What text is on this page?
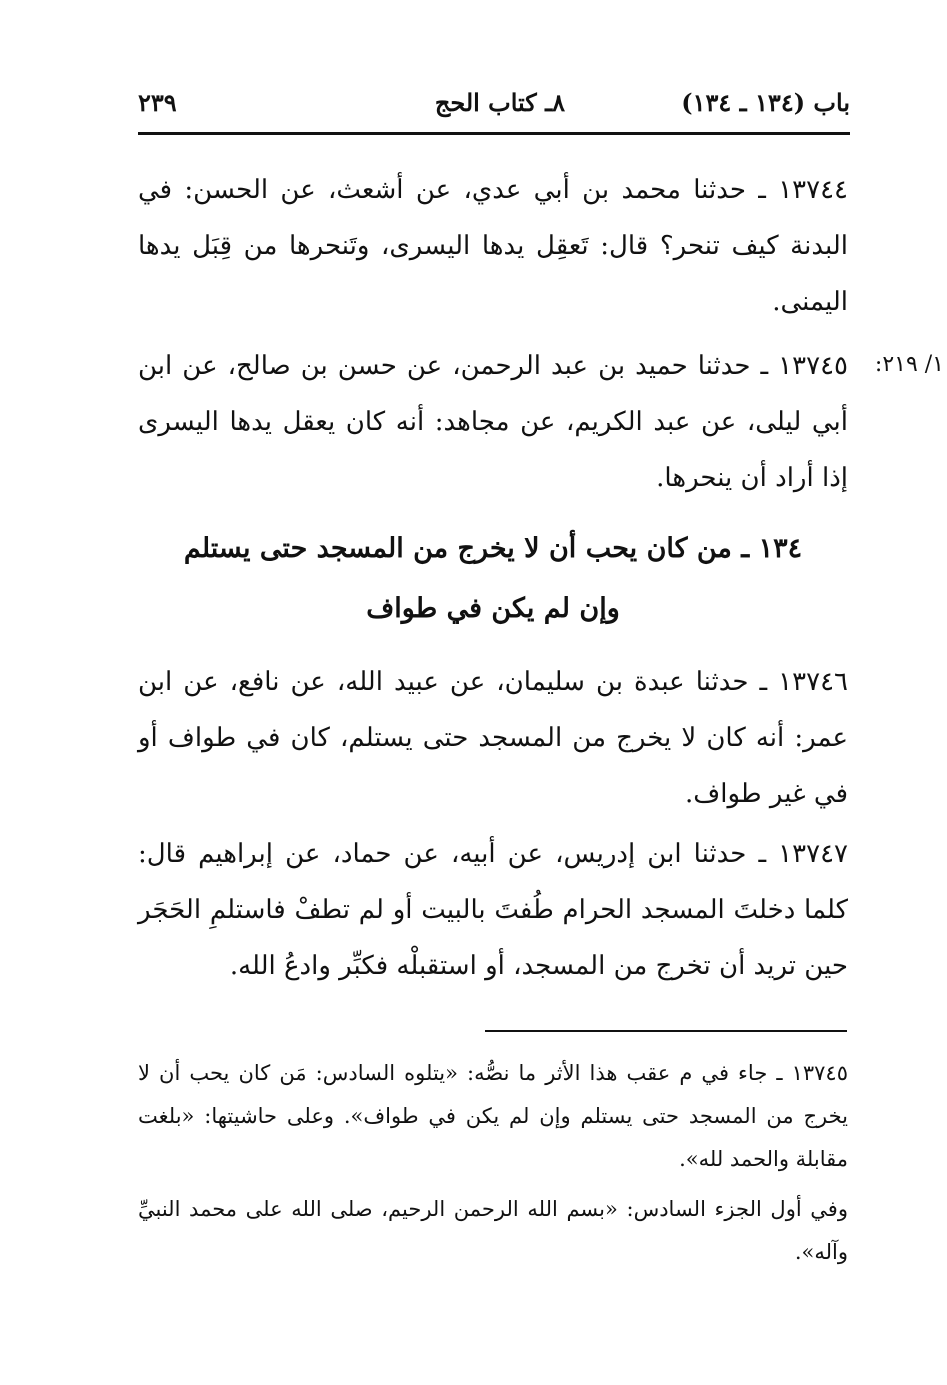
باب (١٣٤ ـ ١٣٤)
٨ـ كتاب الحج
٢٣٩

١٣٧٤٤ ـ حدثنا محمد بن أبي عدي، عن أشعث، عن الحسن: في البدنة كيف تنحر؟ قال: تَعقِل يدها اليسرى، وتَنحرها من قِبَل يدها اليمنى.

١/ ٢١٩:

١٣٧٤٥ ـ حدثنا حميد بن عبد الرحمن، عن حسن بن صالح، عن ابن أبي ليلى، عن عبد الكريم، عن مجاهد: أنه كان يعقل يدها اليسرى إذا أراد أن ينحرها.

١٣٤ ـ من كان يحب أن لا يخرج من المسجد حتى يستلم
وإن لم يكن في طواف

١٣٧٤٦ ـ حدثنا عبدة بن سليمان، عن عبيد الله، عن نافع، عن ابن عمر: أنه كان لا يخرج من المسجد حتى يستلم، كان في طواف أو في غير طواف.

١٣٧٤٧ ـ حدثنا ابن إدريس، عن أبيه، عن حماد، عن إبراهيم قال: كلما دخلتَ المسجد الحرام طُفتَ بالبيت أو لم تطفْ فاستلمِ الحَجَر حين تريد أن تخرج من المسجد، أو استقبلْه فكبِّر وادعُ الله.

١٣٧٤٥ ـ جاء في م عقب هذا الأثر ما نصُّه: «يتلوه السادس: مَن كان يحب أن لا يخرج من المسجد حتى يستلم وإن لم يكن في طواف». وعلى حاشيتها: «بلغت مقابلة والحمد لله».

وفي أول الجزء السادس: «بسم الله الرحمن الرحيم، صلى الله على محمد النبيِّ وآله».
